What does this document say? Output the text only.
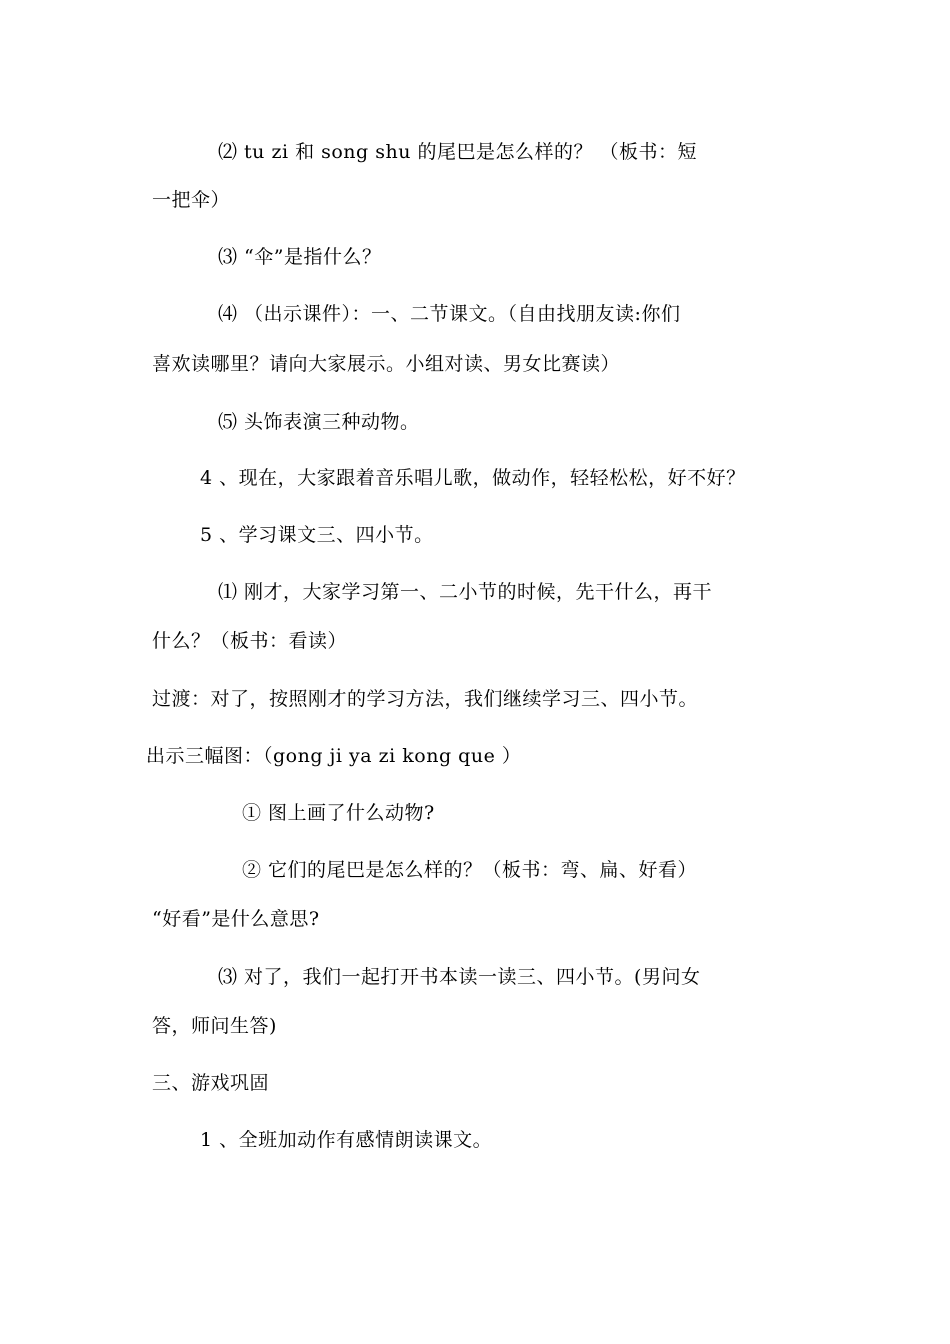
⑵ tu zi 和 song shu 的尾巴是怎么样的？ （板书：短
一把伞）
⑶ “伞”是指什么？
⑷ （出示课件）：一、二节课文。（自由找朋友读:你们
喜欢读哪里？请向大家展示。小组对读、男女比赛读）
⑸ 头饰表演三种动物。
4 、现在，大家跟着音乐唱儿歌，做动作，轻轻松松，好不好？
5 、学习课文三、四小节。
⑴ 刚才，大家学习第一、二小节的时候，先干什么，再干
什么？（板书：看读）
过渡：对了，按照刚才的学习方法，我们继续学习三、四小节。
出示三幅图：（gong ji ya zi kong que ）
① 图上画了什么动物?
② 它们的尾巴是怎么样的？（板书：弯、扁、好看）
“好看”是什么意思?
⑶ 对了，我们一起打开书本读一读三、四小节。(男问女
答，师问生答)
三、游戏巩固
1 、全班加动作有感情朗读课文。
